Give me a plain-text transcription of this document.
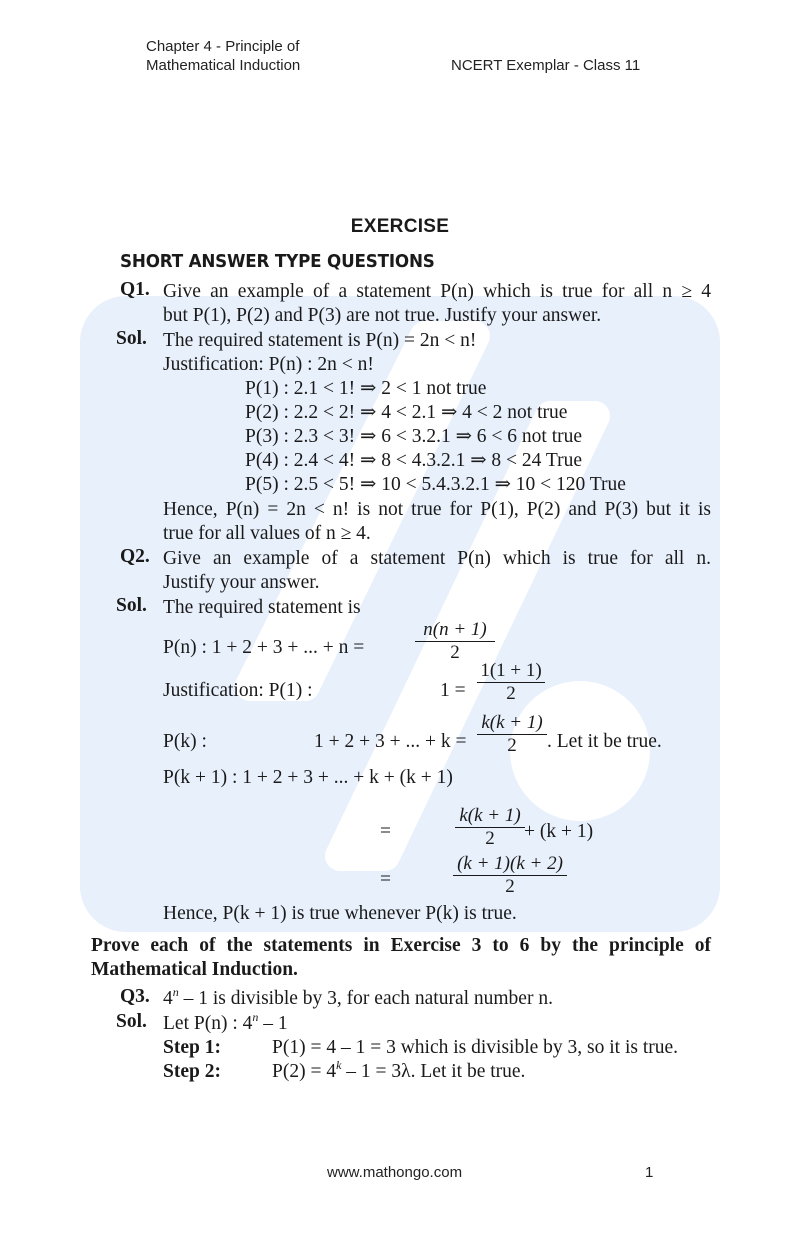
Chapter 4 - Principle of
Mathematical Induction	NCERT Exemplar - Class 11
EXERCISE
SHORT ANSWER TYPE QUESTIONS
Q1. Give an example of a statement P(n) which is true for all n ≥ 4
but P(1), P(2) and P(3) are not true. Justify your answer.
Sol. The required statement is P(n) = 2n < n!
Justification: P(n) : 2n < n!
P(1) : 2.1 < 1! ⇒ 2 < 1 not true
P(2) : 2.2 < 2! ⇒ 4 < 2.1 ⇒ 4 < 2 not true
P(3) : 2.3 < 3! ⇒ 6 < 3.2.1 ⇒ 6 < 6 not true
P(4) : 2.4 < 4! ⇒ 8 < 4.3.2.1 ⇒ 8 < 24 True
P(5) : 2.5 < 5! ⇒ 10 < 5.4.3.2.1 ⇒ 10 < 120 True
Hence, P(n) = 2n < n! is not true for P(1), P(2) and P(3) but it is
true for all values of n ≥ 4.
Q2. Give an example of a statement P(n) which is true for all n.
Justify your answer.
Sol. The required statement is
P(n) : 1 + 2 + 3 + ... + n =	$\frac{n(n + 1)}{2}$
Justification: P(1) :	$1 = \frac{1(1 + 1)}{2}$
P(k) :	1 + 2 + 3 + ... + $k = \frac{k(k + 1)}{2}$ . Let it be true.
P(k + 1) : 1 + 2 + 3 + ... + k + (k + 1)
=	$\frac{k(k + 1)}{2} + (k + 1)$
=	$\frac{(k + 1)(k + 2)}{2}$
Hence, P(k + 1) is true whenever P(k) is true.
Prove each of the statements in Exercise 3 to 6 by the principle of
Mathematical Induction.
Q3. 4$^n$ – 1 is divisible by 3, for each natural number n.
Sol. Let P(n) : 4$^n$ – 1
Step 1:	P(1) = 4 – 1 = 3 which is divisible by 3, so it is true.
Step 2:	$P(2) = 4^k - 1 = 3\lambda$. Let it be true.
www.mathongo.com	1
